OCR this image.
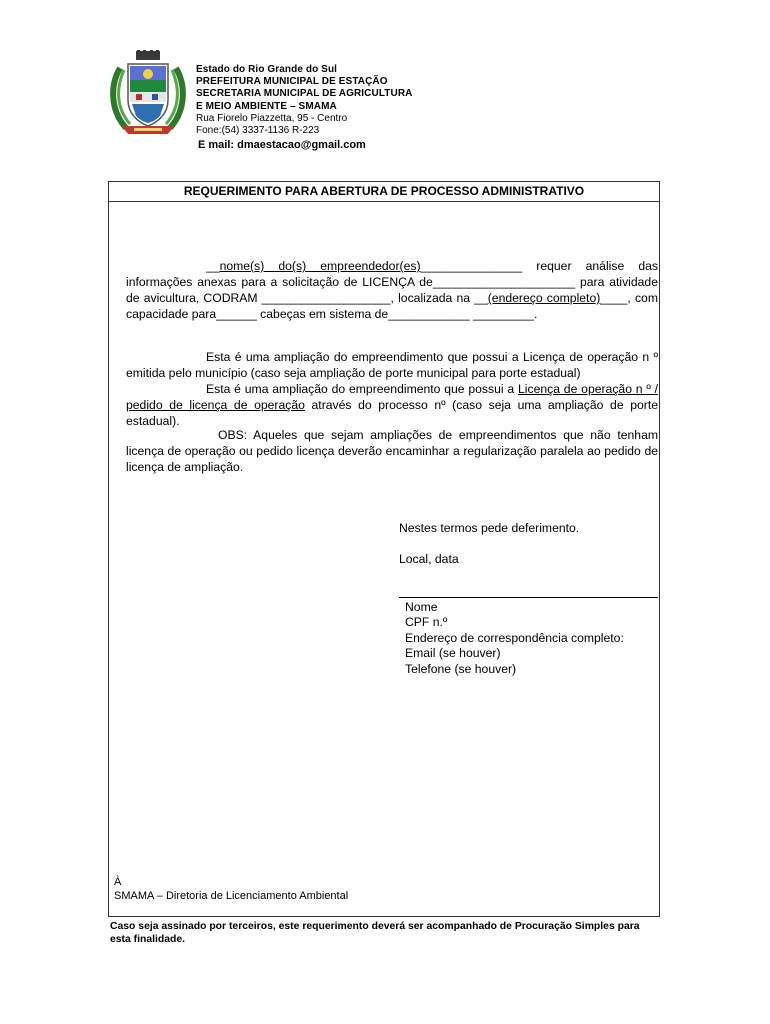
Estado do Rio Grande do Sul
PREFEITURA MUNICIPAL DE ESTAÇÃO
SECRETARIA MUNICIPAL DE AGRICULTURA
E MEIO AMBIENTE – SMAMA
Rua Fiorelo Piazzetta, 95 - Centro
Fone:(54) 3337-1136 R-223
E mail: dmaestacao@gmail.com
REQUERIMENTO PARA ABERTURA DE PROCESSO ADMINISTRATIVO
__nome(s) do(s) empreendedor(es)_______________ requer análise das informações anexas para a solicitação de LICENÇA de_____________________ para atividade de avicultura, CODRAM ___________________, localizada na __(endereço completo)____, com capacidade para______ cabeças em sistema de____________ _________.
Esta é uma ampliação do empreendimento que possui a Licença de operação n º emitida pelo município (caso seja ampliação de porte municipal para porte estadual)
Esta é uma ampliação do empreendimento que possui a Licença de operação n º / pedido de licença de operação através do processo nº (caso seja uma ampliação de porte estadual).
OBS: Aqueles que sejam ampliações de empreendimentos que não tenham licença de operação ou pedido licença deverão encaminhar a regularização paralela ao pedido de licença de ampliação.
Nestes termos pede deferimento.
Local, data
Nome
CPF n.º
Endereço de correspondência completo:
Email (se houver)
Telefone (se houver)
À
SMAMA – Diretoria de Licenciamento Ambiental
Caso seja assinado por terceiros, este requerimento deverá ser acompanhado de Procuração Simples para esta finalidade.
